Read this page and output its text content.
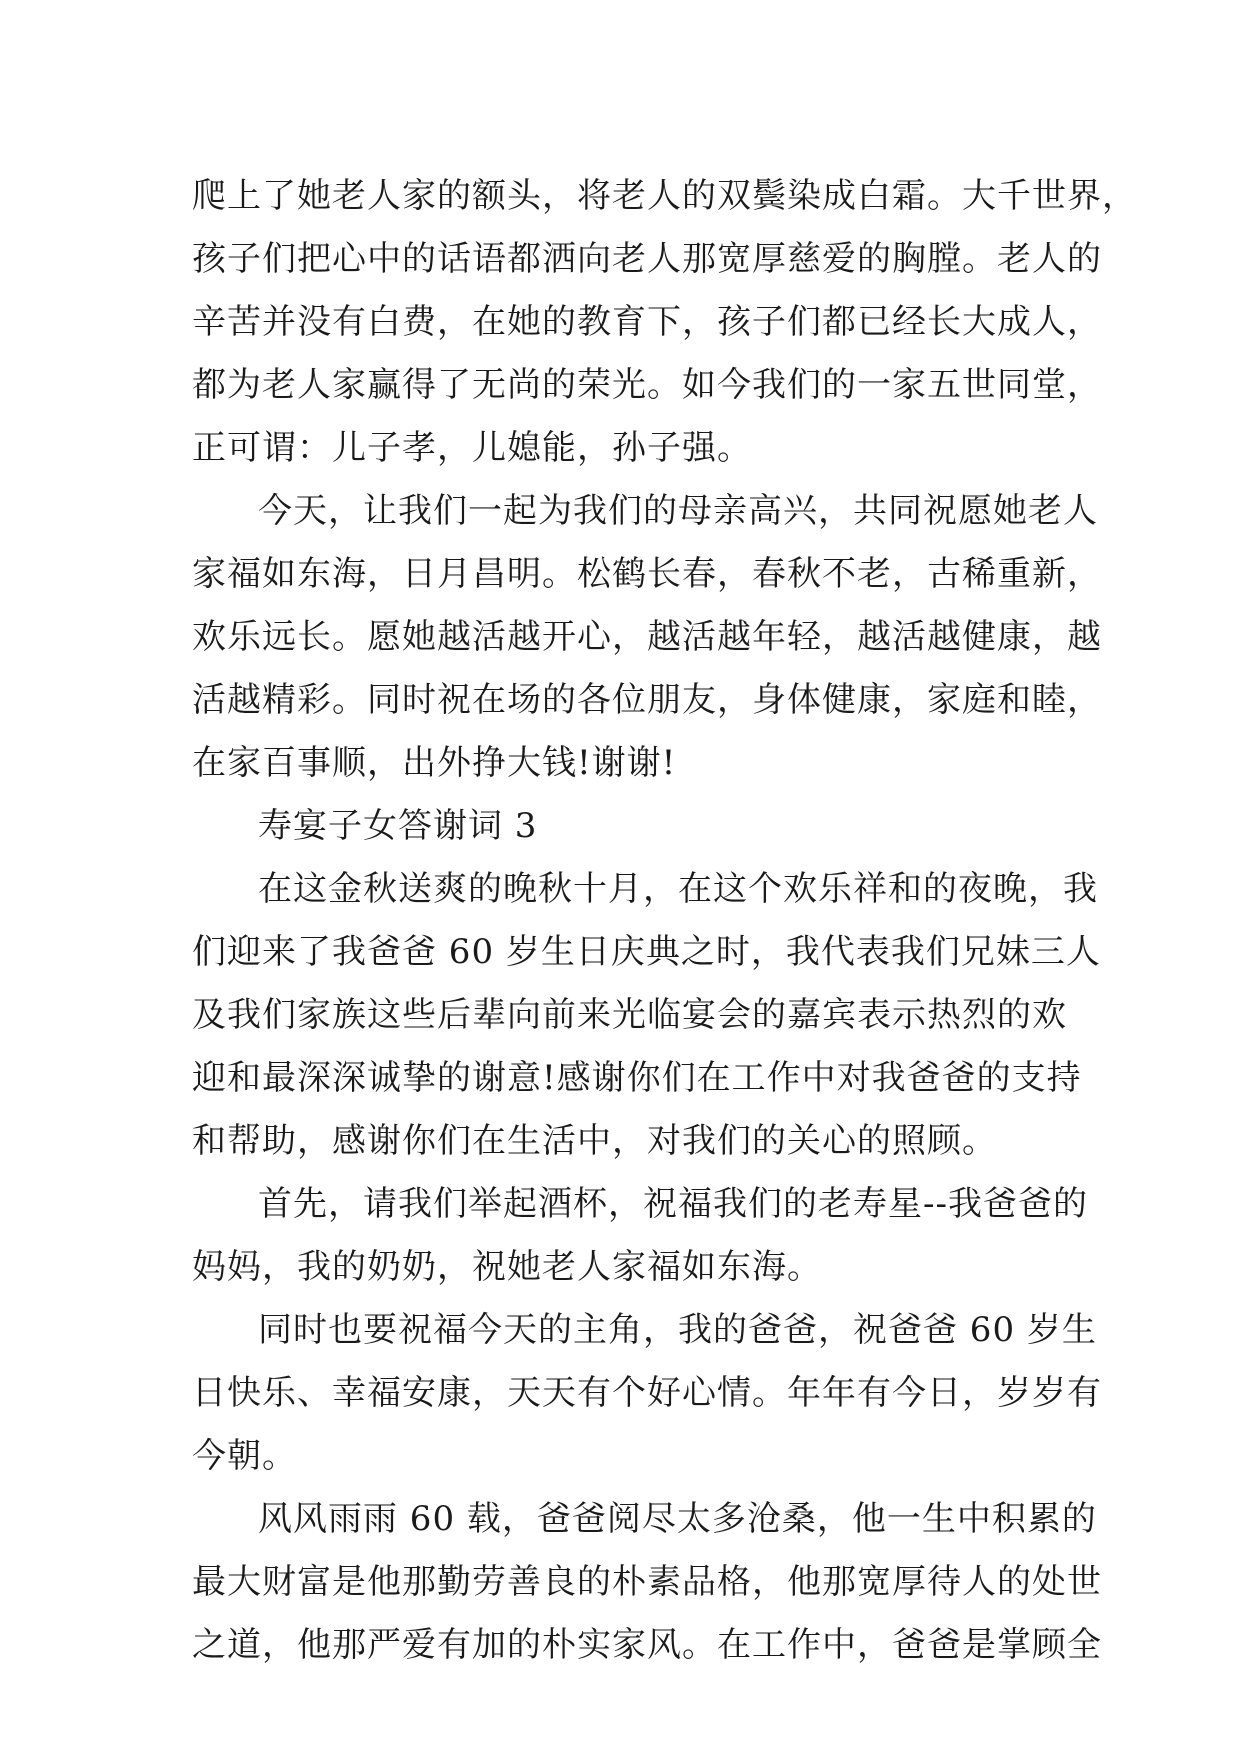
爬上了她老人家的额头，将老人的双鬓染成白霜。大千世界，
孩子们把心中的话语都洒向老人那宽厚慈爱的胸膛。老人的
辛苦并没有白费，在她的教育下，孩子们都已经长大成人，
都为老人家赢得了无尚的荣光。如今我们的一家五世同堂，
正可谓：儿子孝，儿媳能，孙子强。
今天，让我们一起为我们的母亲高兴，共同祝愿她老人
家福如东海，日月昌明。松鹤长春，春秋不老，古稀重新，
欢乐远长。愿她越活越开心，越活越年轻，越活越健康，越
活越精彩。同时祝在场的各位朋友，身体健康，家庭和睦，
在家百事顺，出外挣大钱!谢谢!
寿宴子女答谢词 3
在这金秋送爽的晚秋十月，在这个欢乐祥和的夜晚，我
们迎来了我爸爸 60 岁生日庆典之时，我代表我们兄妹三人
及我们家族这些后辈向前来光临宴会的嘉宾表示热烈的欢
迎和最深深诚挚的谢意!感谢你们在工作中对我爸爸的支持
和帮助，感谢你们在生活中，对我们的关心的照顾。
首先，请我们举起酒杯，祝福我们的老寿星--我爸爸的
妈妈，我的奶奶，祝她老人家福如东海。
同时也要祝福今天的主角，我的爸爸，祝爸爸 60 岁生
日快乐、幸福安康，天天有个好心情。年年有今日，岁岁有
今朝。
风风雨雨 60 载，爸爸阅尽太多沧桑，他一生中积累的
最大财富是他那勤劳善良的朴素品格，他那宽厚待人的处世
之道，他那严爱有加的朴实家风。在工作中，爸爸是掌顾全
